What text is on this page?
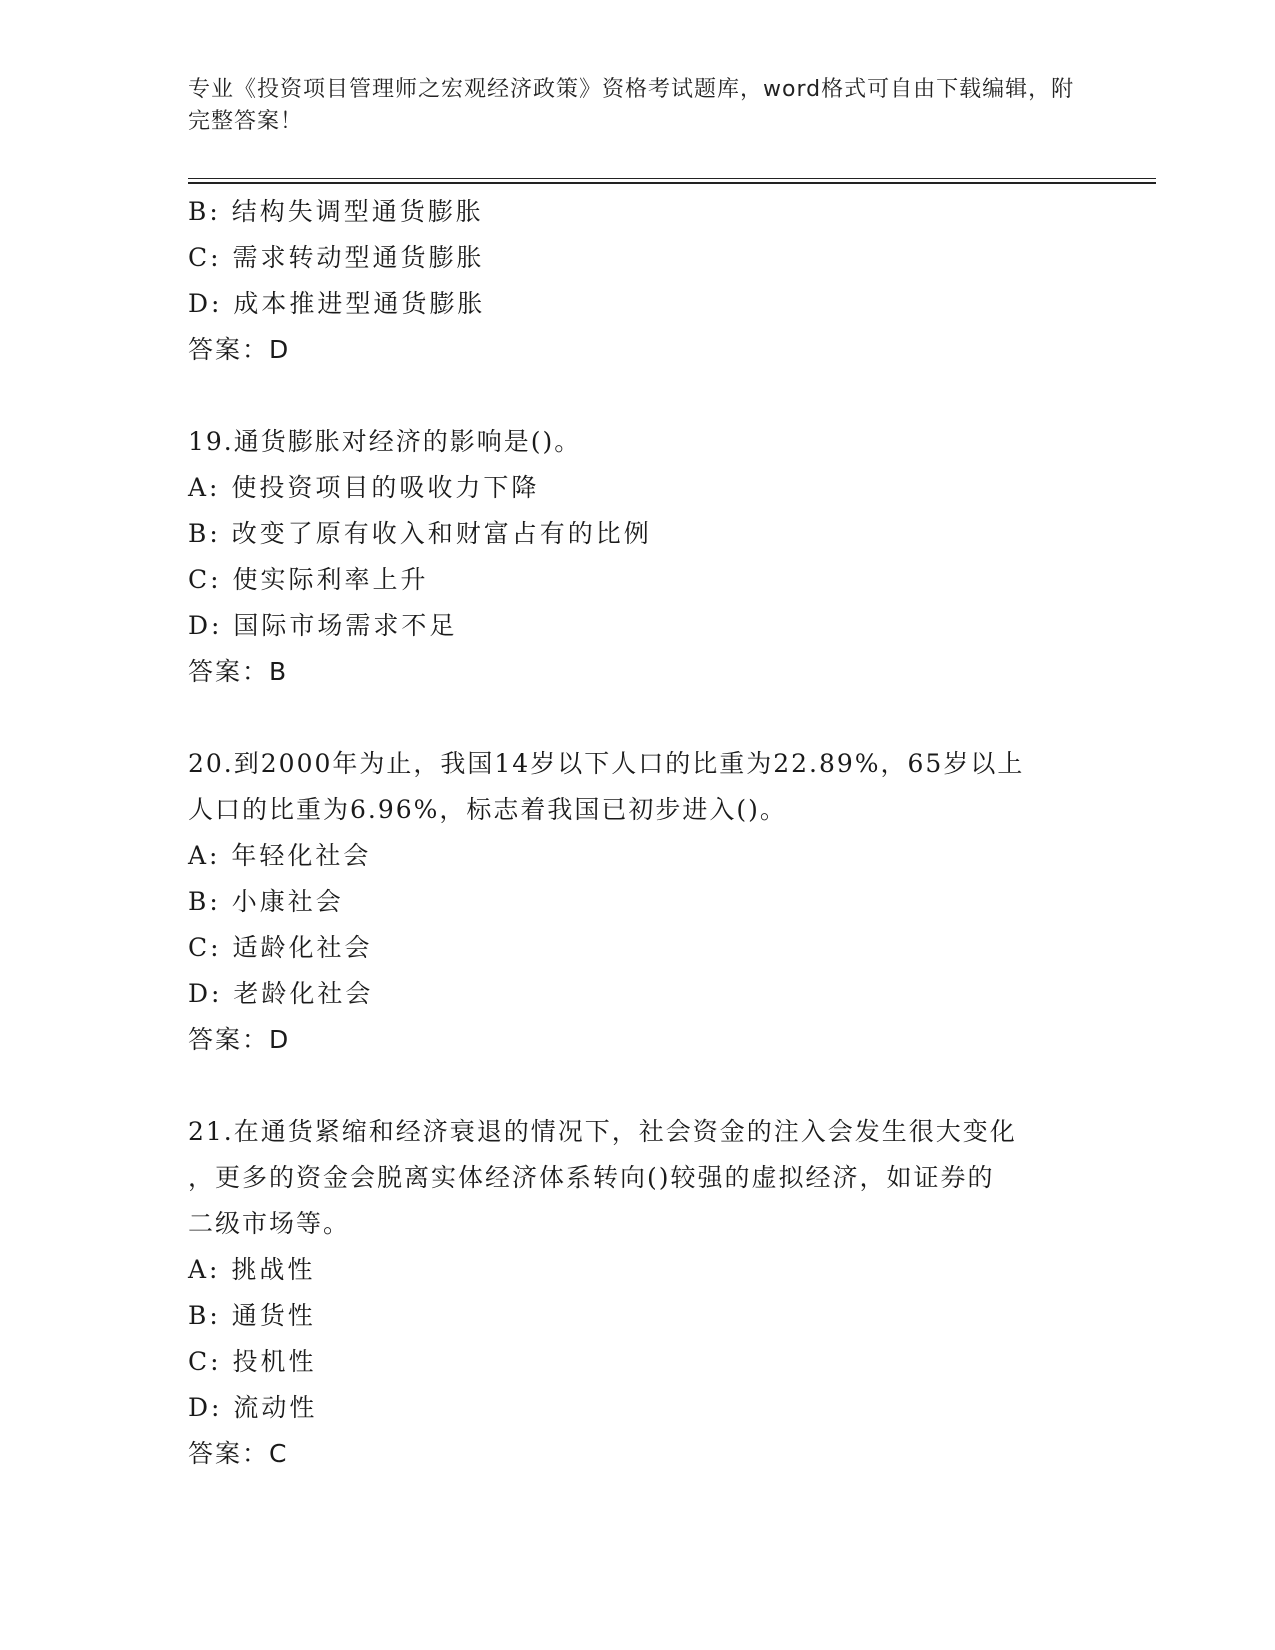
专业《投资项目管理师之宏观经济政策》资格考试题库，word格式可自由下载编辑，附完整答案！
B: 结构失调型通货膨胀
C: 需求转动型通货膨胀
D: 成本推进型通货膨胀
答案：D
19.通货膨胀对经济的影响是()。
A: 使投资项目的吸收力下降
B: 改变了原有收入和财富占有的比例
C: 使实际利率上升
D: 国际市场需求不足
答案：B
20.到2000年为止，我国14岁以下人口的比重为22.89%，65岁以上
人口的比重为6.96%，标志着我国已初步进入()。
A: 年轻化社会
B: 小康社会
C: 适龄化社会
D: 老龄化社会
答案：D
21.在通货紧缩和经济衰退的情况下，社会资金的注入会发生很大变化
，更多的资金会脱离实体经济体系转向()较强的虚拟经济，如证券的
二级市场等。
A: 挑战性
B: 通货性
C: 投机性
D: 流动性
答案：C
